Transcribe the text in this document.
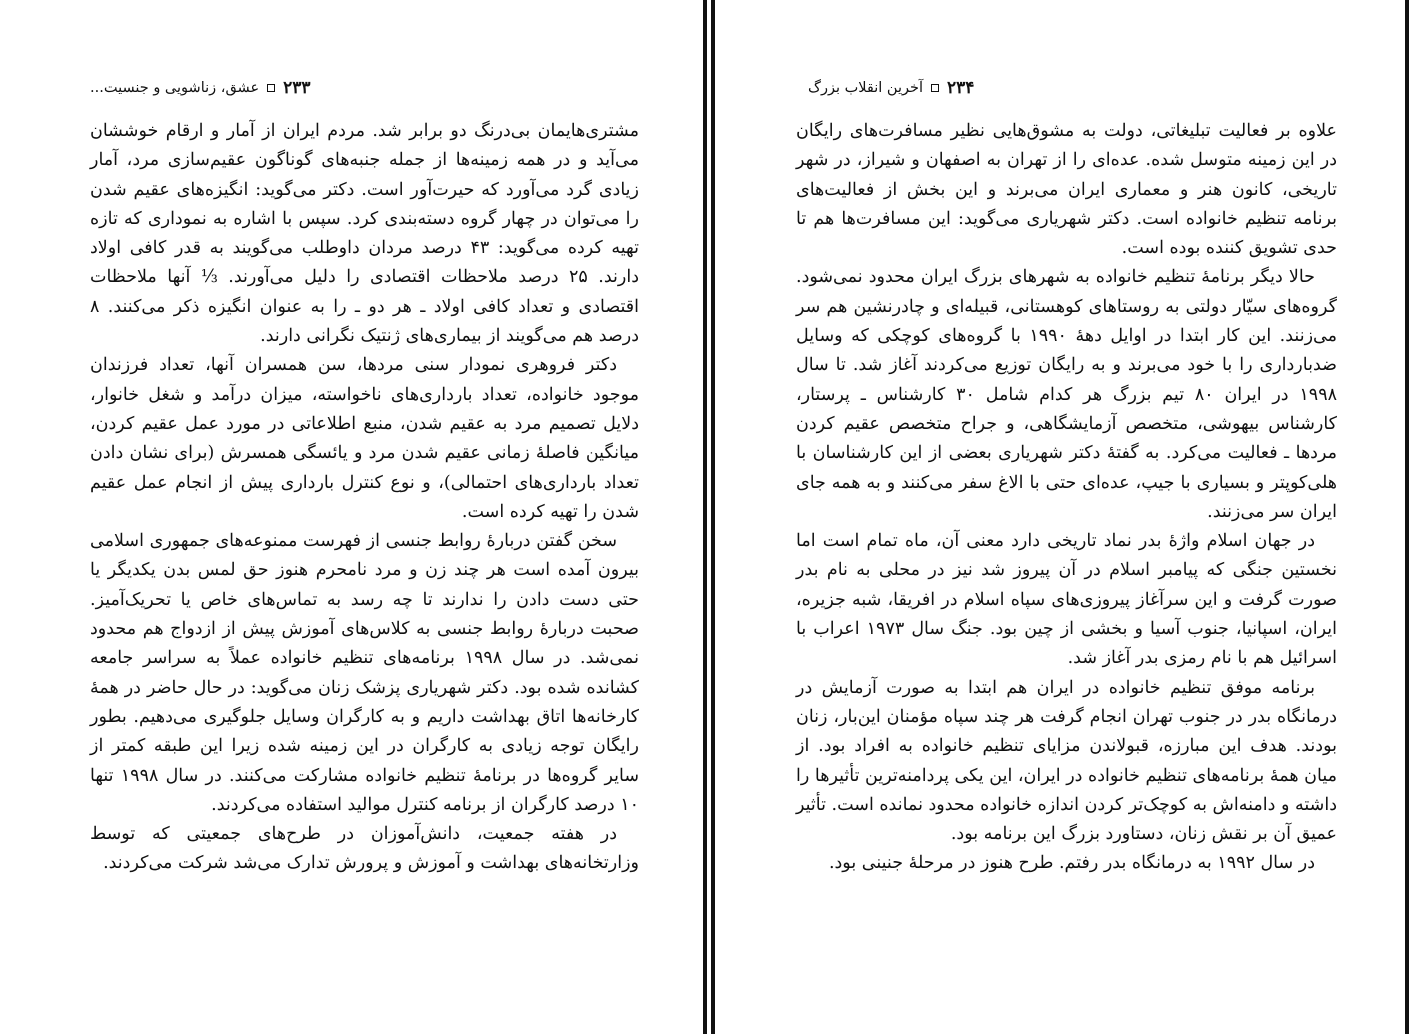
۲۳۳
عشق، زناشویی و جنسیت...

مشتری‌هایمان بی‌درنگ دو برابر شد. مردم ایران از آمار و ارقام خوششان می‌آید و در همه زمینه‌ها از جمله جنبه‌های گوناگون عقیم‌سازی مرد، آمار زیادی گرد می‌آورد که حیرت‌آور است. دکتر می‌گوید: انگیزه‌های عقیم شدن را می‌توان در چهار گروه دسته‌بندی کرد. سپس با اشاره به نموداری که تازه تهیه کرده می‌گوید: ۴۳ درصد مردان داوطلب می‌گویند به قدر کافی اولاد دارند. ۲۵ درصد ملاحظات اقتصادی را دلیل می‌آورند. ⅓ آنها ملاحظات اقتصادی و تعداد کافی اولاد ـ هر دو ـ را به عنوان انگیزه ذکر می‌کنند. ۸ درصد هم می‌گویند از بیماری‌های ژنتیک نگرانی دارند.

دکتر فروهری نمودار سنی مردها، سن همسران آنها، تعداد فرزندان موجود خانواده، تعداد بارداری‌های ناخواسته، میزان درآمد و شغل خانوار، دلایل تصمیم مرد به عقیم شدن، منبع اطلاعاتی در مورد عمل عقیم کردن، میانگین فاصلهٔ زمانی عقیم شدن مرد و یائسگی همسرش (برای نشان دادن تعداد بارداری‌های احتمالی)، و نوع کنترل بارداری پیش از انجام عمل عقیم شدن را تهیه کرده است.

سخن گفتن دربارهٔ روابط جنسی از فهرست ممنوعه‌های جمهوری اسلامی بیرون آمده است هر چند زن و مرد نامحرم هنوز حق لمس بدن یکدیگر یا حتی دست دادن را ندارند تا چه رسد به تماس‌های خاص یا تحریک‌آمیز. صحبت دربارهٔ روابط جنسی به کلاس‌های آموزش پیش از ازدواج هم محدود نمی‌شد. در سال ۱۹۹۸ برنامه‌های تنظیم خانواده عملاً به سراسر جامعه کشانده شده بود. دکتر شهریاری پزشک زنان می‌گوید: در حال حاضر در همهٔ کارخانه‌ها اتاق بهداشت داریم و به کارگران وسایل جلوگیری می‌دهیم. بطور رایگان توجه زیادی به کارگران در این زمینه شده زیرا این طبقه کمتر از سایر گروه‌ها در برنامهٔ تنظیم خانواده مشارکت می‌کنند. در سال ۱۹۹۸ تنها ۱۰ درصد کارگران از برنامه کنترل موالید استفاده می‌کردند.

در هفته جمعیت، دانش‌آموزان در طرح‌های جمعیتی که توسط وزارتخانه‌های بهداشت و آموزش و پرورش تدارک می‌شد شرکت می‌کردند.

۲۳۴
آخرین انقلاب بزرگ

علاوه بر فعالیت تبلیغاتی، دولت به مشوق‌هایی نظیر مسافرت‌های رایگان در این زمینه متوسل شده. عده‌ای را از تهران به اصفهان و شیراز، در شهر تاریخی، کانون هنر و معماری ایران می‌برند و این بخش از فعالیت‌های برنامه تنظیم خانواده است. دکتر شهریاری می‌گوید: این مسافرت‌ها هم تا حدی تشویق کننده بوده است.

حالا دیگر برنامهٔ تنظیم خانواده به شهرهای بزرگ ایران محدود نمی‌شود. گروه‌های سیّار دولتی به روستاهای کوهستانی، قبیله‌ای و چادرنشین هم سر می‌زنند. این کار ابتدا در اوایل دههٔ ۱۹۹۰ با گروه‌های کوچکی که وسایل ضدبارداری را با خود می‌برند و به رایگان توزیع می‌کردند آغاز شد. تا سال ۱۹۹۸ در ایران ۸۰ تیم بزرگ هر کدام شامل ۳۰ کارشناس ـ پرستار، کارشناس بیهوشی، متخصص آزمایشگاهی، و جراح متخصص عقیم کردن مردها ـ فعالیت می‌کرد. به گفتهٔ دکتر شهریاری بعضی از این کارشناسان با هلی‌کوپتر و بسیاری با جیپ، عده‌ای حتی با الاغ سفر می‌کنند و به همه جای ایران سر می‌زنند.

در جهان اسلام واژهٔ بدر نماد تاریخی دارد معنی آن، ماه تمام است اما نخستین جنگی که پیامبر اسلام در آن پیروز شد نیز در محلی به نام بدر صورت گرفت و این سرآغاز پیروزی‌های سپاه اسلام در افریقا، شبه جزیره، ایران، اسپانیا، جنوب آسیا و بخشی از چین بود. جنگ سال ۱۹۷۳ اعراب با اسرائیل هم با نام رمزی بدر آغاز شد.

برنامه موفق تنظیم خانواده در ایران هم ابتدا به صورت آزمایش در درمانگاه بدر در جنوب تهران انجام گرفت هر چند سپاه مؤمنان این‌بار، زنان بودند. هدف این مبارزه، قبولاندن مزایای تنظیم خانواده به افراد بود. از میان همهٔ برنامه‌های تنظیم خانواده در ایران، این یکی پردامنه‌ترین تأثیرها را داشته و دامنه‌اش به کوچک‌تر کردن اندازه خانواده محدود نمانده است. تأثیر عمیق آن بر نقش زنان، دستاورد بزرگ این برنامه بود.

در سال ۱۹۹۲ به درمانگاه بدر رفتم. طرح هنوز در مرحلهٔ جنینی بود.
